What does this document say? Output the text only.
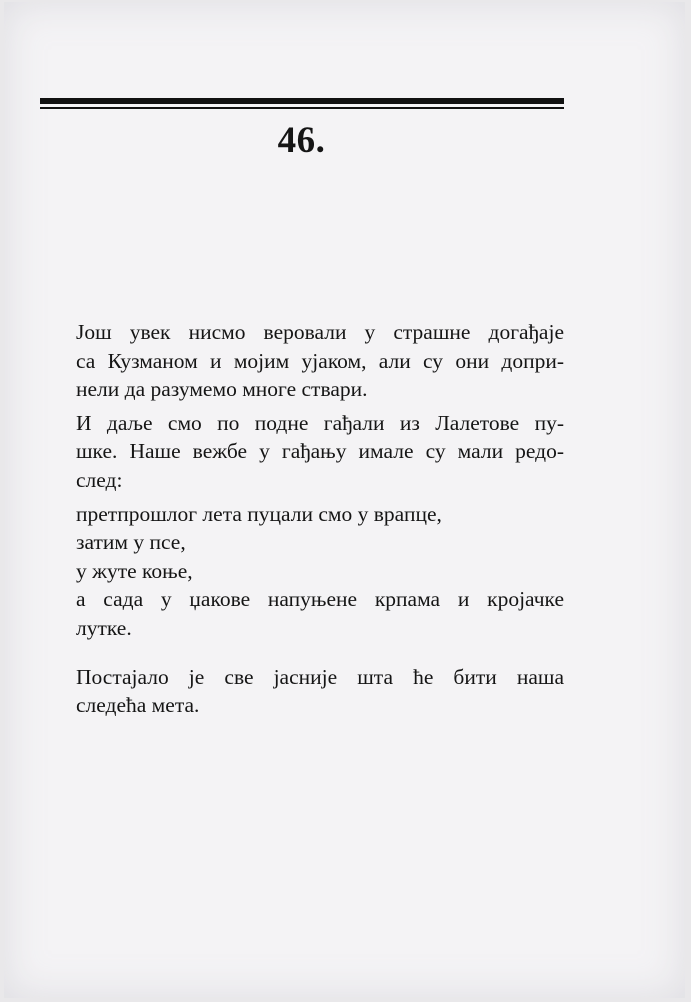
46.
Још увек нисмо веровали у страшне догађаје
са Кузманом и мојим ујаком, али су они допри-
нели да разумемо многе ствари.
И даље смо по подне гађали из Лалетове пу-
шке. Наше вежбе у гађању имале су мали редо-
след:
претпрошлог лета пуцали смо у врапце,
затим у псе,
у жуте коње,
а сада у џакове напуњене крпама и кројачке
лутке.
Постајало је све јасније шта ће бити наша
следећа мета.
